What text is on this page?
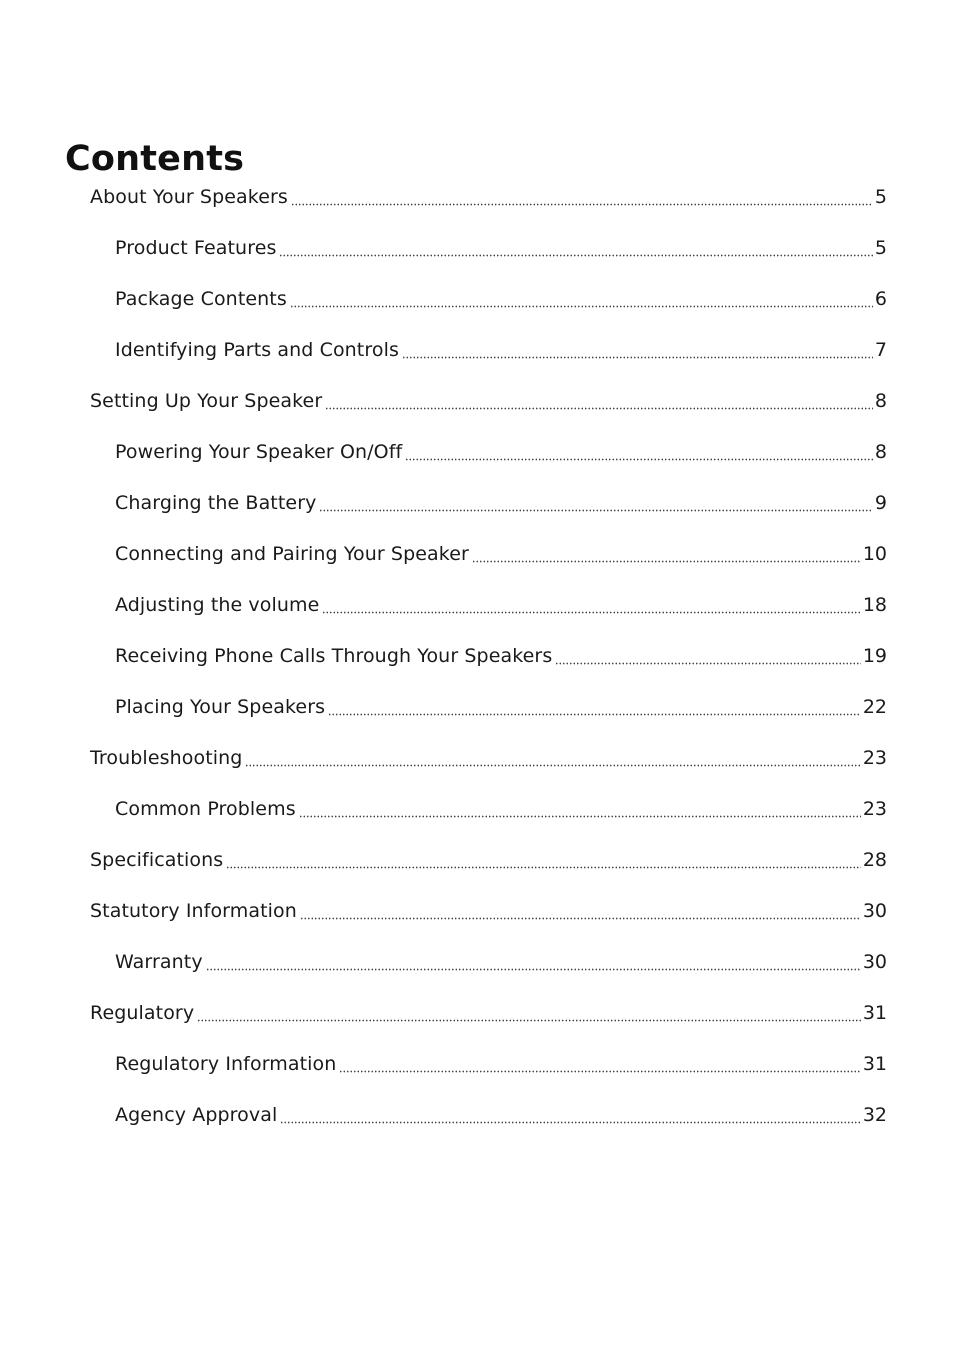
Contents
About Your Speakers	5
Product Features	5
Package Contents	6
Identifying Parts and Controls	7
Setting Up Your Speaker	8
Powering Your Speaker On/Off	8
Charging the Battery	9
Connecting and Pairing Your Speaker	10
Adjusting the volume	18
Receiving Phone Calls Through Your Speakers	19
Placing Your Speakers	22
Troubleshooting	23
Common Problems	23
Specifications	28
Statutory Information	30
Warranty	30
Regulatory	31
Regulatory Information	31
Agency Approval	32
